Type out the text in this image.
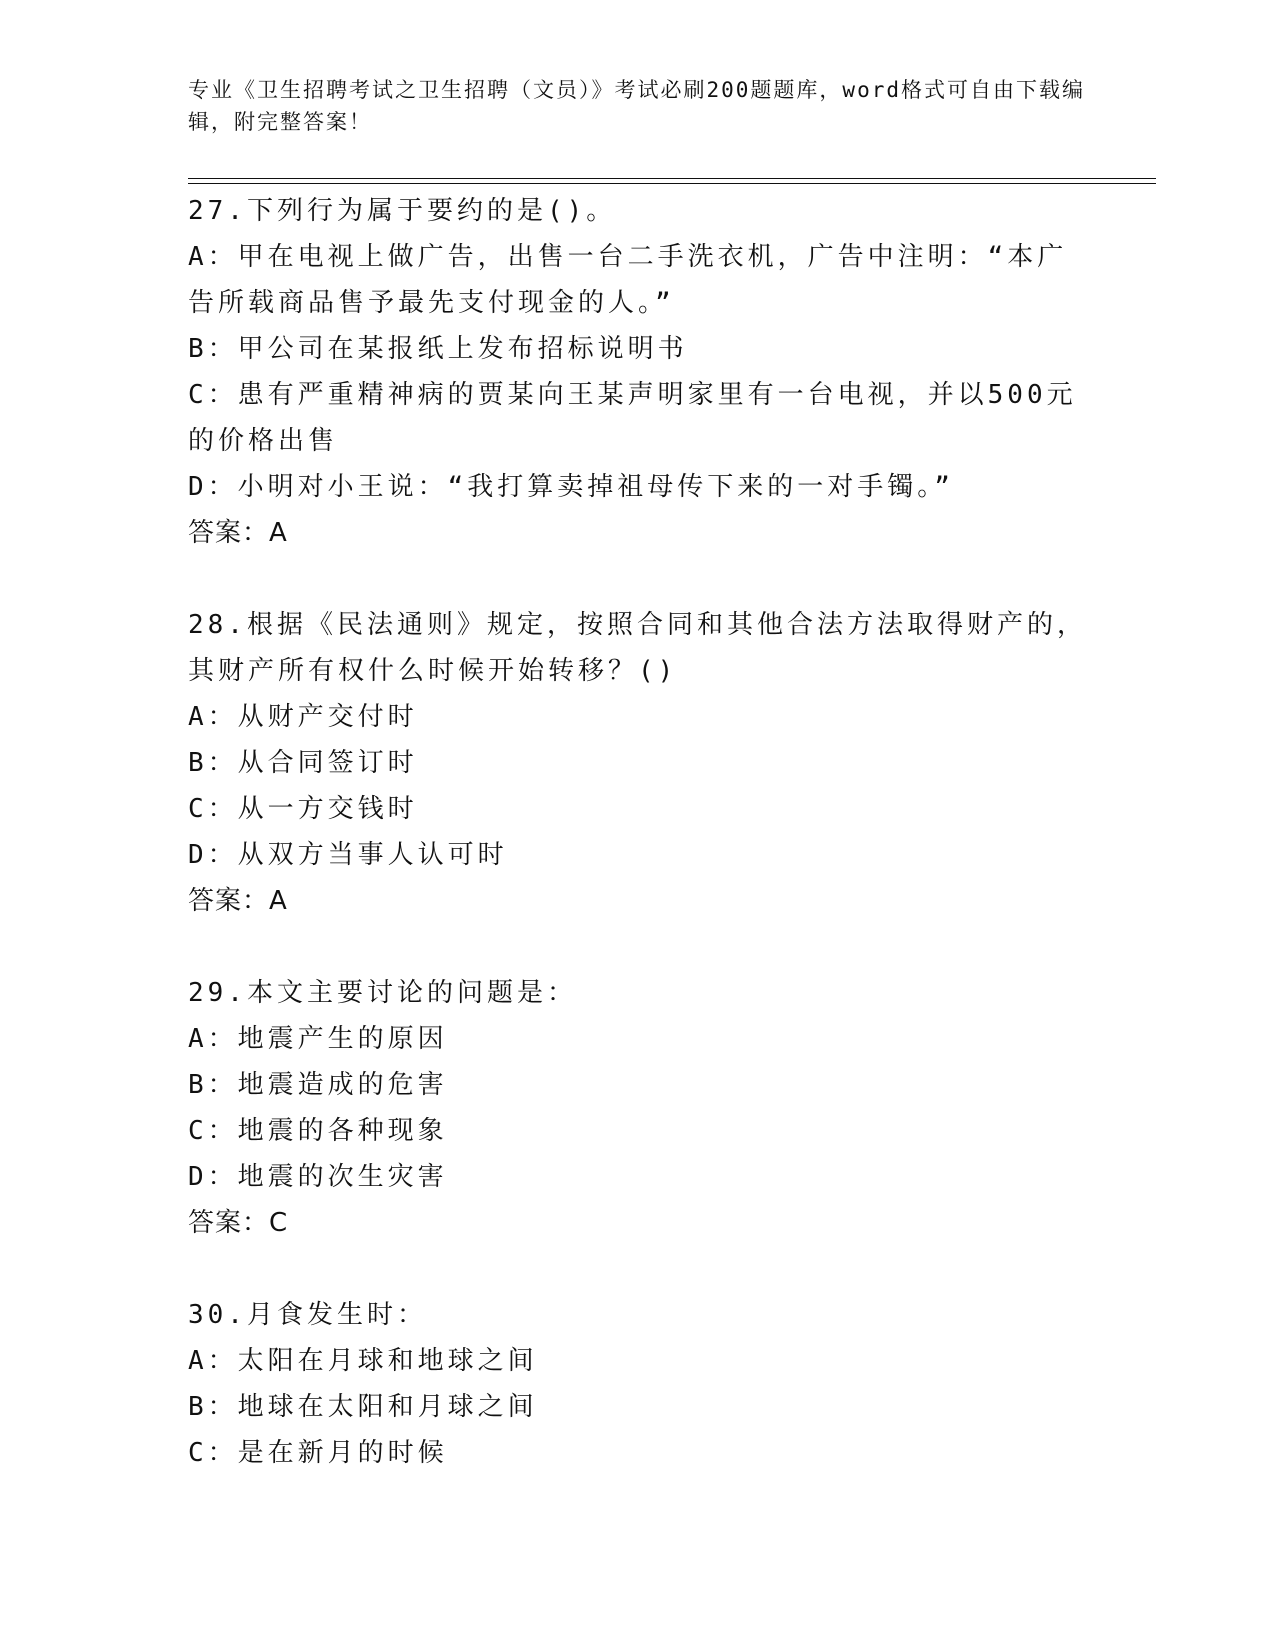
专业《卫生招聘考试之卫生招聘（文员）》考试必刷200题题库，word格式可自由下载编辑，附完整答案！
27.下列行为属于要约的是()。
A：甲在电视上做广告，出售一台二手洗衣机，广告中注明：“本广告所载商品售予最先支付现金的人。”
B：甲公司在某报纸上发布招标说明书
C：患有严重精神病的贾某向王某声明家里有一台电视，并以500元的价格出售
D：小明对小王说：“我打算卖掉祖母传下来的一对手镯。”
答案：A
28.根据《民法通则》规定，按照合同和其他合法方法取得财产的，其财产所有权什么时候开始转移？()
A：从财产交付时
B：从合同签订时
C：从一方交钱时
D：从双方当事人认可时
答案：A
29.本文主要讨论的问题是：
A：地震产生的原因
B：地震造成的危害
C：地震的各种现象
D：地震的次生灾害
答案：C
30.月食发生时：
A：太阳在月球和地球之间
B：地球在太阳和月球之间
C：是在新月的时候
